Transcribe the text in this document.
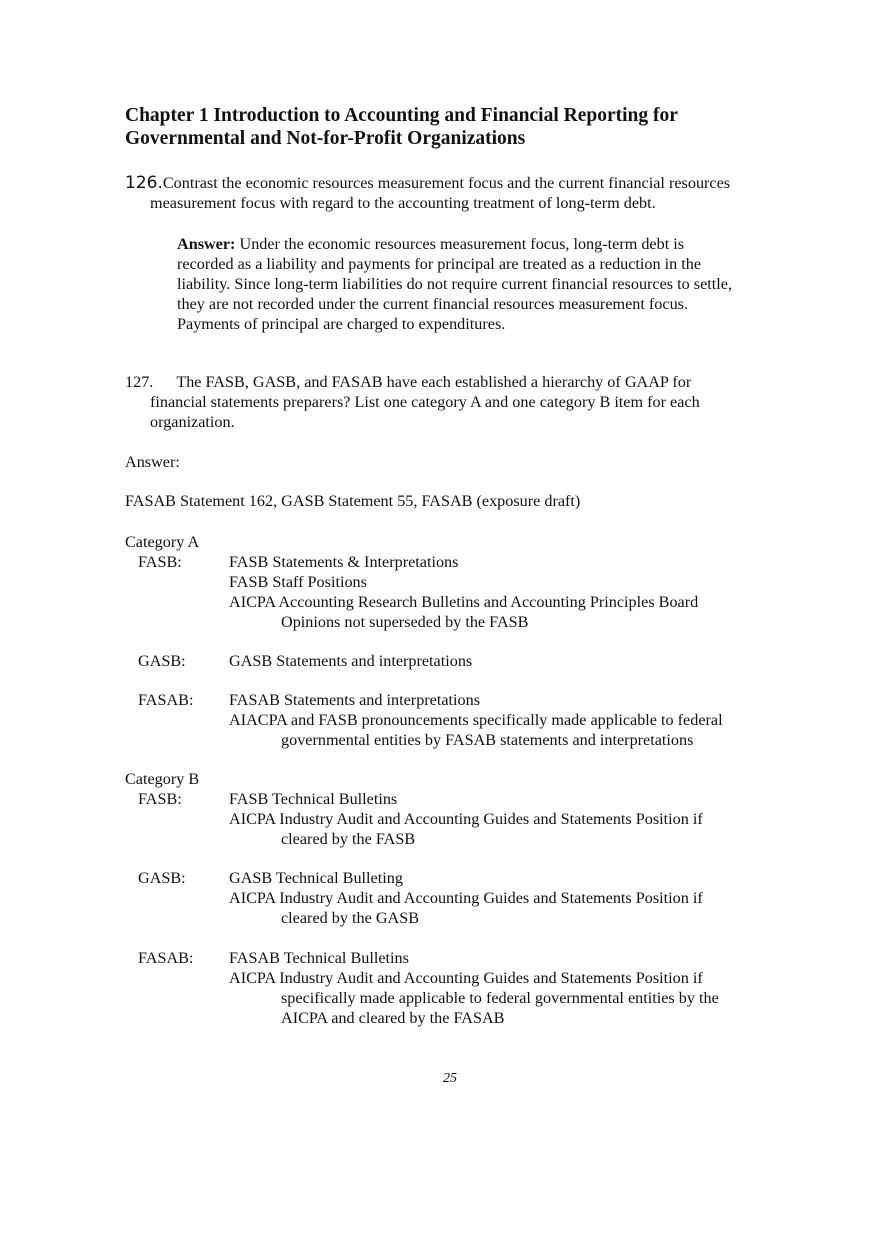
Chapter 1 Introduction to Accounting and Financial Reporting for
Governmental and Not-for-Profit Organizations
126.Contrast the economic resources measurement focus and the current financial resources
measurement focus with regard to the accounting treatment of long-term debt.
Answer: Under the economic resources measurement focus, long-term debt is
recorded as a liability and payments for principal are treated as a reduction in the
liability. Since long-term liabilities do not require current financial resources to settle,
they are not recorded under the current financial resources measurement focus.
Payments of principal are charged to expenditures.
127. The FASB, GASB, and FASAB have each established a hierarchy of GAAP for
financial statements preparers? List one category A and one category B item for each
organization.
Answer:
FASAB Statement 162, GASB Statement 55, FASAB (exposure draft)
Category A
FASB:	FASB Statements & Interpretations
FASB Staff Positions
AICPA Accounting Research Bulletins and Accounting Principles Board
Opinions not superseded by the FASB
GASB:	GASB Statements and interpretations
FASAB: FASAB Statements and interpretations
AIACPA and FASB pronouncements specifically made applicable to federal
governmental entities by FASAB statements and interpretations
Category B
FASB:	FASB Technical Bulletins
AICPA Industry Audit and Accounting Guides and Statements Position if
cleared by the FASB
GASB:	GASB Technical Bulleting
AICPA Industry Audit and Accounting Guides and Statements Position if
cleared by the GASB
FASAB: FASAB Technical Bulletins
AICPA Industry Audit and Accounting Guides and Statements Position if
specifically made applicable to federal governmental entities by the
AICPA and cleared by the FASAB
25
